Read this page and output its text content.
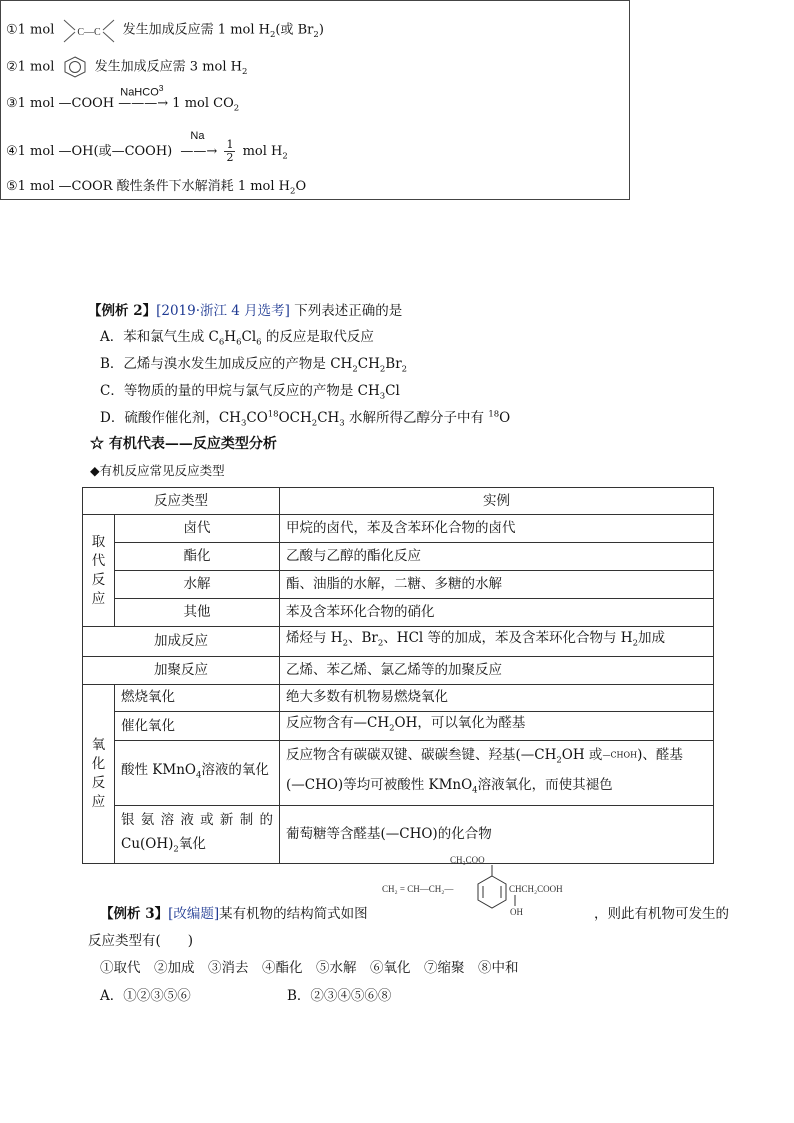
①1 mol C—C 发生加成反应需 1 mol $H_2$(或 $Br_2$)
②1 mol	发生加成反应需 3 mol $H_2$
③1 mol —COOH
NaHCO$^3$
———→ 1 mol $CO_2$
④1 mol —OH(或—COOH)
Na
——→ $\frac{1}{2}$ mol $H_2$
⑤1 mol —COOR 酸性条件下水解消耗 1 mol $H_2O$
【例析 2】[2019·浙江 4 月选考] 下列表述正确的是
A．苯和氯气生成 $C_6H_6Cl_6$ 的反应是取代反应
B．乙烯与溴水发生加成反应的产物是 $CH_2CH_2Br_2$
C．等物质的量的甲烷与氯气反应的产物是 $CH_3Cl$
D．硫酸作催化剂，$CH_3CO^{18}OCH_2CH_3$ 水解所得乙醇分子中有 $^{18}$O
☆ 有机代表——反应类型分析
◆有机反应常见反应类型
反应类型		实例

取
代
反
应	卤代	甲烷的卤代，苯及含苯环化合物的卤代
	酯化	乙酸与乙醇的酯化反应
	水解	酯、油脂的水解，二糖、多糖的水解
	其他	苯及含苯环化合物的硝化
加成反应		烯烃与 $H_2$、$Br_2$、HCl 等的加成，苯及含苯环化合物与 $H_2$加成
加聚反应		乙烯、苯乙烯、氯乙烯等的加聚反应

氧
化
反
应	燃烧氧化	绝大多数有机物易燃烧氧化
	催化氧化	反应物含有$—CH_2OH$，可以氧化为醛基
	酸性 KMnO$_4$溶液的氧化	反应物含有碳碳双键、碳碳叁键、羟基($—CH_2OH$ 或—CHOH)、醛基
(—CHO)等均可被酸性 KMnO$_4$溶液氧化，而使其褪色

	银氨溶液或新制的
$Cu(OH)_2$氧化	葡萄糖等含醛基(—CHO)的化合物
CH₃COO
CH₂ = CH—CH₂—	CHCH₂COOH
OH
【例析 3】[改编题]某有机物的结构简式如图	，则此有机物可发生的
反应类型有(　　)
①取代　②加成　③消去　④酯化　⑤水解　⑥氧化　⑦缩聚　⑧中和
A．①②③⑤⑥	B．②③④⑤⑥⑧
